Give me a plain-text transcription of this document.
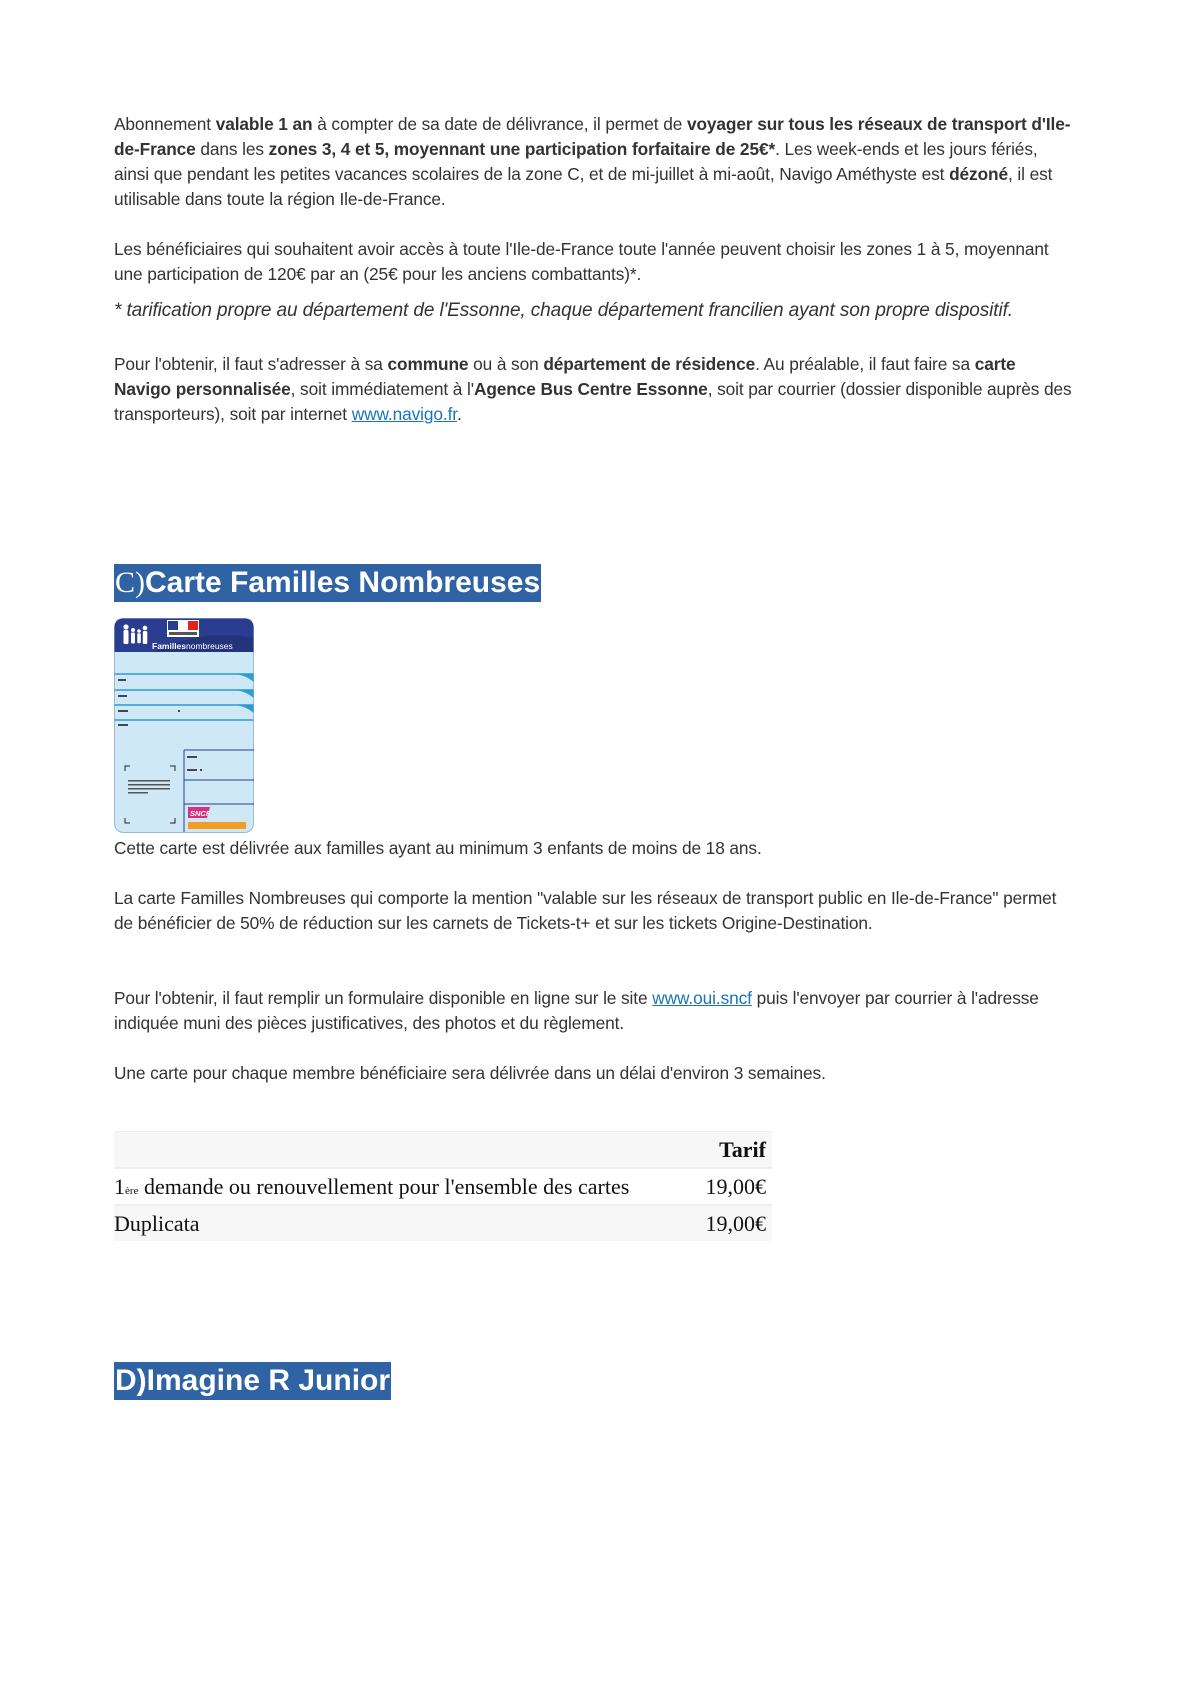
Abonnement valable 1 an à compter de sa date de délivrance, il permet de voyager sur tous les réseaux de transport d'Ile-de-France dans les zones 3, 4 et 5, moyennant une participation forfaitaire de 25€*. Les week-ends et les jours fériés, ainsi que pendant les petites vacances scolaires de la zone C, et de mi-juillet à mi-août, Navigo Améthyste est dézoné, il est utilisable dans toute la région Ile-de-France.

Les bénéficiaires qui souhaitent avoir accès à toute l'Ile-de-France toute l'année peuvent choisir les zones 1 à 5, moyennant une participation de 120€ par an (25€ pour les anciens combattants)*.

* tarification propre au département de l'Essonne, chaque département francilien ayant son propre dispositif.

Pour l'obtenir, il faut s'adresser à sa commune ou à son département de résidence. Au préalable, il faut faire sa carte Navigo personnalisée, soit immédiatement à l'Agence Bus Centre Essonne, soit par courrier (dossier disponible auprès des transporteurs), soit par internet www.navigo.fr.

C)Carte Familles Nombreuses
Familles nombreuses
SNCF

Cette carte est délivrée aux familles ayant au minimum 3 enfants de moins de 18 ans.

La carte Familles Nombreuses qui comporte la mention "valable sur les réseaux de transport public en Ile-de-France" permet de bénéficier de 50% de réduction sur les carnets de Tickets-t+ et sur les tickets Origine-Destination.

Pour l'obtenir, il faut remplir un formulaire disponible en ligne sur le site www.oui.sncf puis l'envoyer par courrier à l'adresse indiquée muni des pièces justificatives, des photos et du règlement.

Une carte pour chaque membre bénéficiaire sera délivrée dans un délai d'environ 3 semaines.

	Tarif
1ère demande ou renouvellement pour l'ensemble des cartes	19,00€
Duplicata	19,00€
D)Imagine R Junior
